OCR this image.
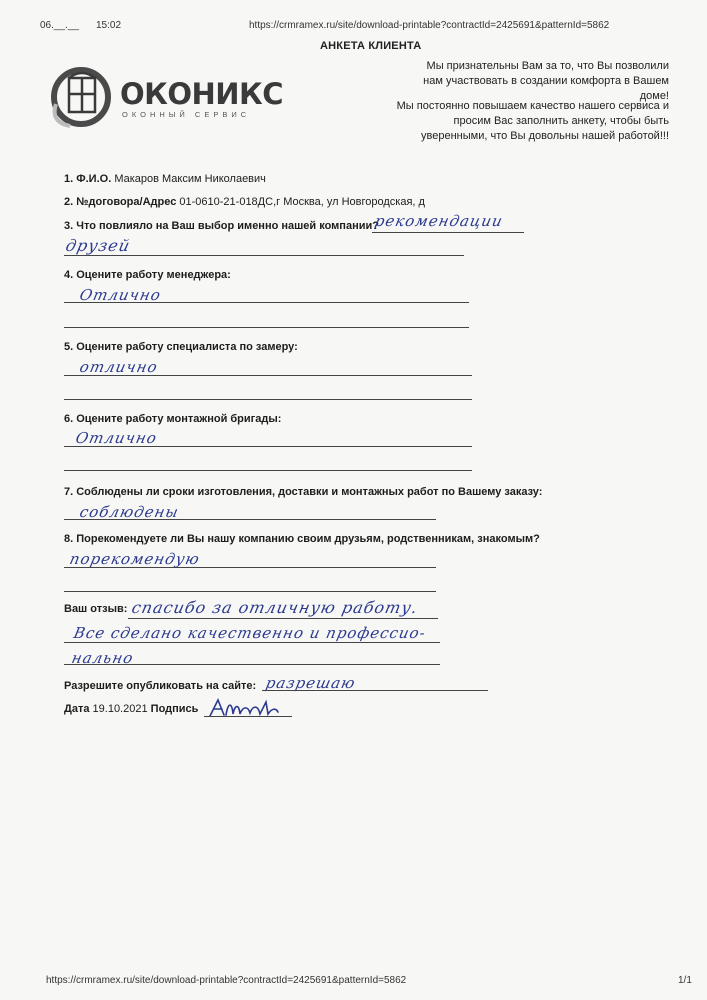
06.__.__ 15:02	https://crmramex.ru/site/download-printable?contractId=2425691&patternId=5862
АНКЕТА КЛИЕНТА
ОКОНИКС
ОКОННЫЙ СЕРВИС
Мы признательны Вам за то, что Вы позволили нам участвовать в создании комфорта в Вашем доме!
Мы постоянно повышаем качество нашего сервиса и просим Вас заполнить анкету, чтобы быть уверенными, что Вы довольны нашей работой!!!
1. Ф.И.О. Макаров Максим Николаевич
2. №договора/Адрес 01-0610-21-018ДС,г Москва, ул Новгородская, д
3. Что повлияло на Ваш выбор именно нашей компании?
рекомендации
друзей
4. Оцените работу менеджера:
Отлично
5. Оцените работу специалиста по замеру:
отлично
6. Оцените работу монтажной бригады:
Отлично
7. Соблюдены ли сроки изготовления, доставки и монтажных работ по Вашему заказу:
соблюдены
8. Порекомендуете ли Вы нашу компанию своим друзьям, родственникам, знакомым?
порекомендую
Ваш отзыв: спасибо за отличную работу.
Все сделано качественно и профессио-
нально
Разрешите опубликовать на сайте: разрешаю
Дата 19.10.2021 Подпись
https://crmramex.ru/site/download-printable?contractId=2425691&patternId=5862	1/1
